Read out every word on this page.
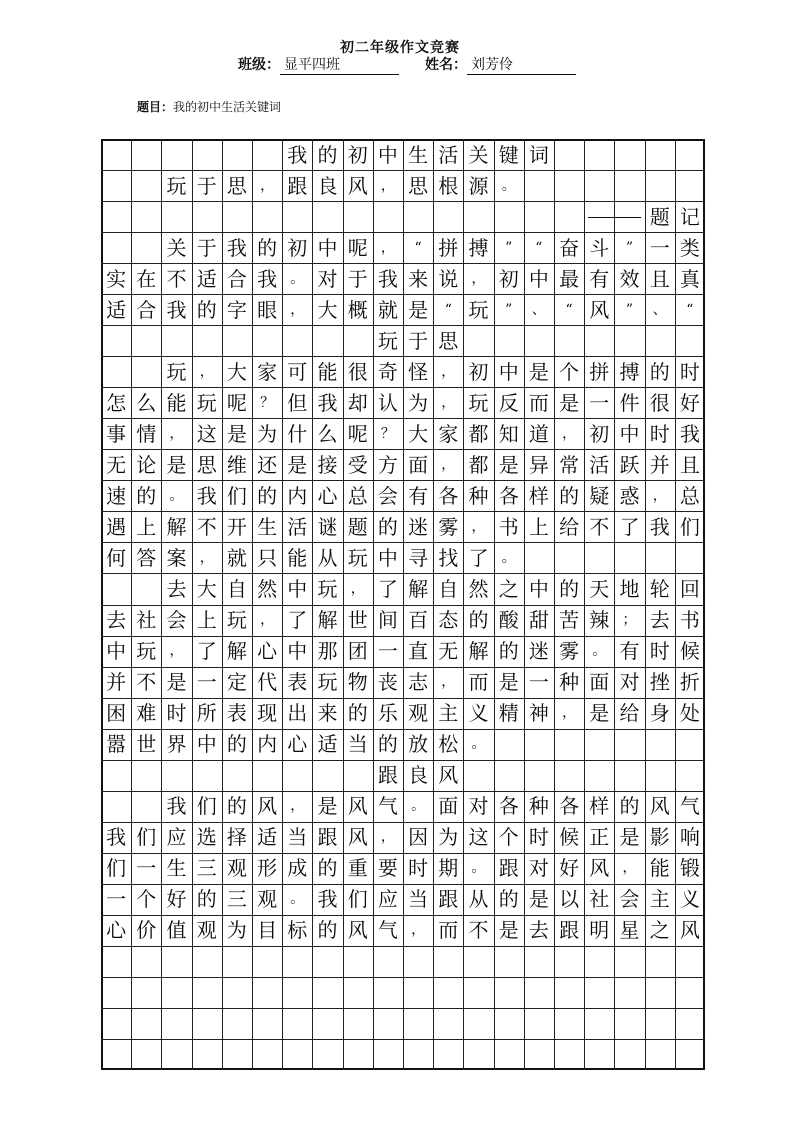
初二年级作文竞赛
班级： 显平四班	姓名： 刘芳伶
题目：我的初中生活关键词
我 的 初 中 生 活 关 键 词
玩 于 思 ， 跟 良 风 ， 思 根 源 。
题 记
关 于 我 的 初 中 呢 ，	“ 拼 搏	”	“ 奋 斗	” 一 类
实 在 不 适 合 我 。 对 于 我 来 说 ， 初 中 最 有 效 且 真
适 合 我 的 字 眼 ， 大 概 就 是	“ 玩	”	、	“ 风	”	、	“
玩 于 思
玩 ， 大 家 可 能 很 奇 怪 ， 初 中 是 个 拼 搏 的 时
怎 么 能 玩 呢 ？ 但 我 却 认 为 ， 玩 反 而 是 一 件 很 好
事 情 ， 这 是 为 什 么 呢 ？ 大 家 都 知 道 ， 初 中 时 我
无 论 是 思 维 还 是 接 受 方 面 ， 都 是 异 常 活 跃 并 且
速 的 。 我 们 的 内 心 总 会 有 各 种 各 样 的 疑 惑 ， 总
遇 上 解 不 开 生 活 谜 题 的 迷 雾 ， 书 上 给 不 了 我 们
何 答 案 ， 就 只 能 从 玩 中 寻 找 了 。
去 大 自 然 中 玩 ， 了 解 自 然 之 中 的 天 地 轮 回
去 社 会 上 玩 ， 了 解 世 间 百 态 的 酸 甜 苦 辣 ； 去 书
中 玩 ， 了 解 心 中 那 团 一 直 无 解 的 迷 雾 。 有 时 候
并 不 是 一 定 代 表 玩 物 丧 志 ， 而 是 一 种 面 对 挫 折
困 难 时 所 表 现 出 来 的 乐 观 主 义 精 神 ， 是 给 身 处
嚣 世 界 中 的 内 心 适 当 的 放 松 。
跟 良 风
我 们 的 风 ， 是 风 气 。 面 对 各 种 各 样 的 风 气
我 们 应 选 择 适 当 跟 风 ， 因 为 这 个 时 候 正 是 影 响
们 一 生 三 观 形 成 的 重 要 时 期 。 跟 对 好 风 ， 能 锻
一 个 好 的 三 观 。 我 们 应 当 跟 从 的 是 以 社 会 主 义
心 价 值 观 为 目 标 的 风 气 ， 而 不 是 去 跟 明 星 之 风
